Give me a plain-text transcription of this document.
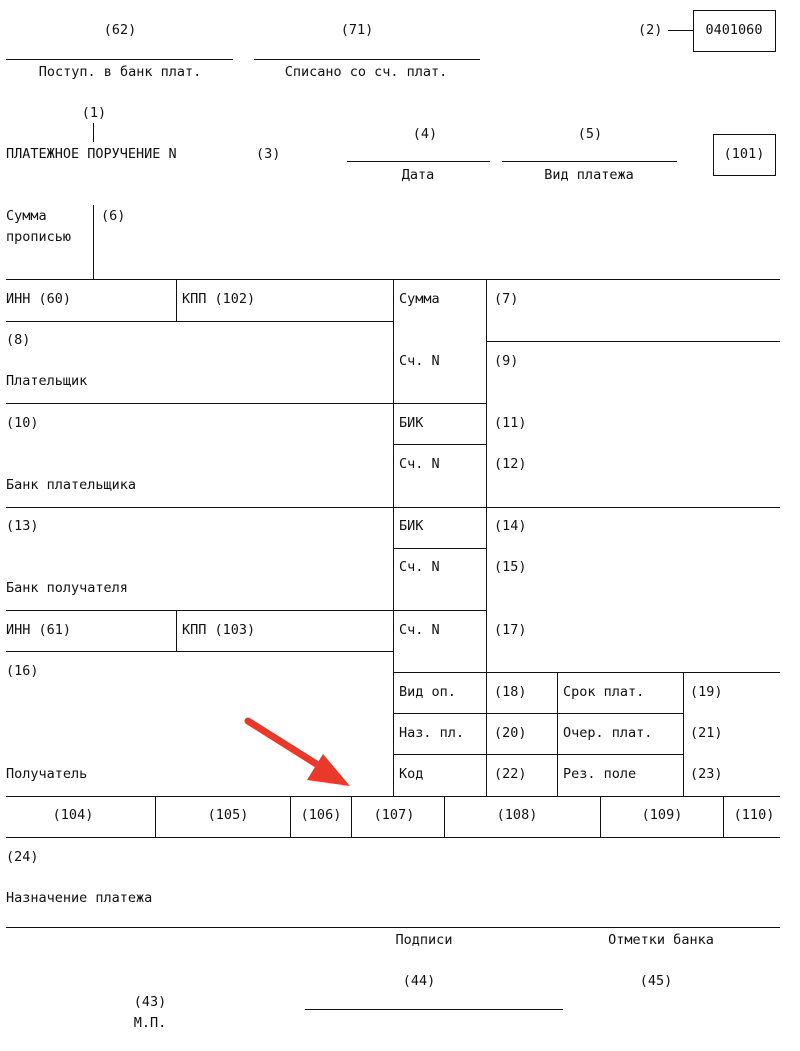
(62)
Поступ. в банк плат.
(71)
Списано со сч. плат.
(2)	0401060
(1)
ПЛАТЕЖНОЕ ПОРУЧЕНИЕ N	(3)
(4)
Дата
(5)
Вид платежа
(101)
Сумма
прописью
(6)
ИНН (60)	КПП (102)	Сумма	(7)
(8)
Сч. N	(9)
Плательщик
(10)	БИК	(11)
Сч. N	(12)
Банк плательщика
(13)	БИК	(14)
Сч. N	(15)
Банк получателя
ИНН (61)	КПП (103)	Сч. N	(17)
(16)
Вид оп.	(18)	Срок плат.	(19)
Наз. пл. (20)	Очер. плат.	(21)
Получатель	Код	(22)	Рез. поле	(23)
(104)	(105)	(106) (107)	(108)	(109)	(110)
(24)
Назначение платежа
Подписи	Отметки банка
(44)	(45)
(43)
М.П.
